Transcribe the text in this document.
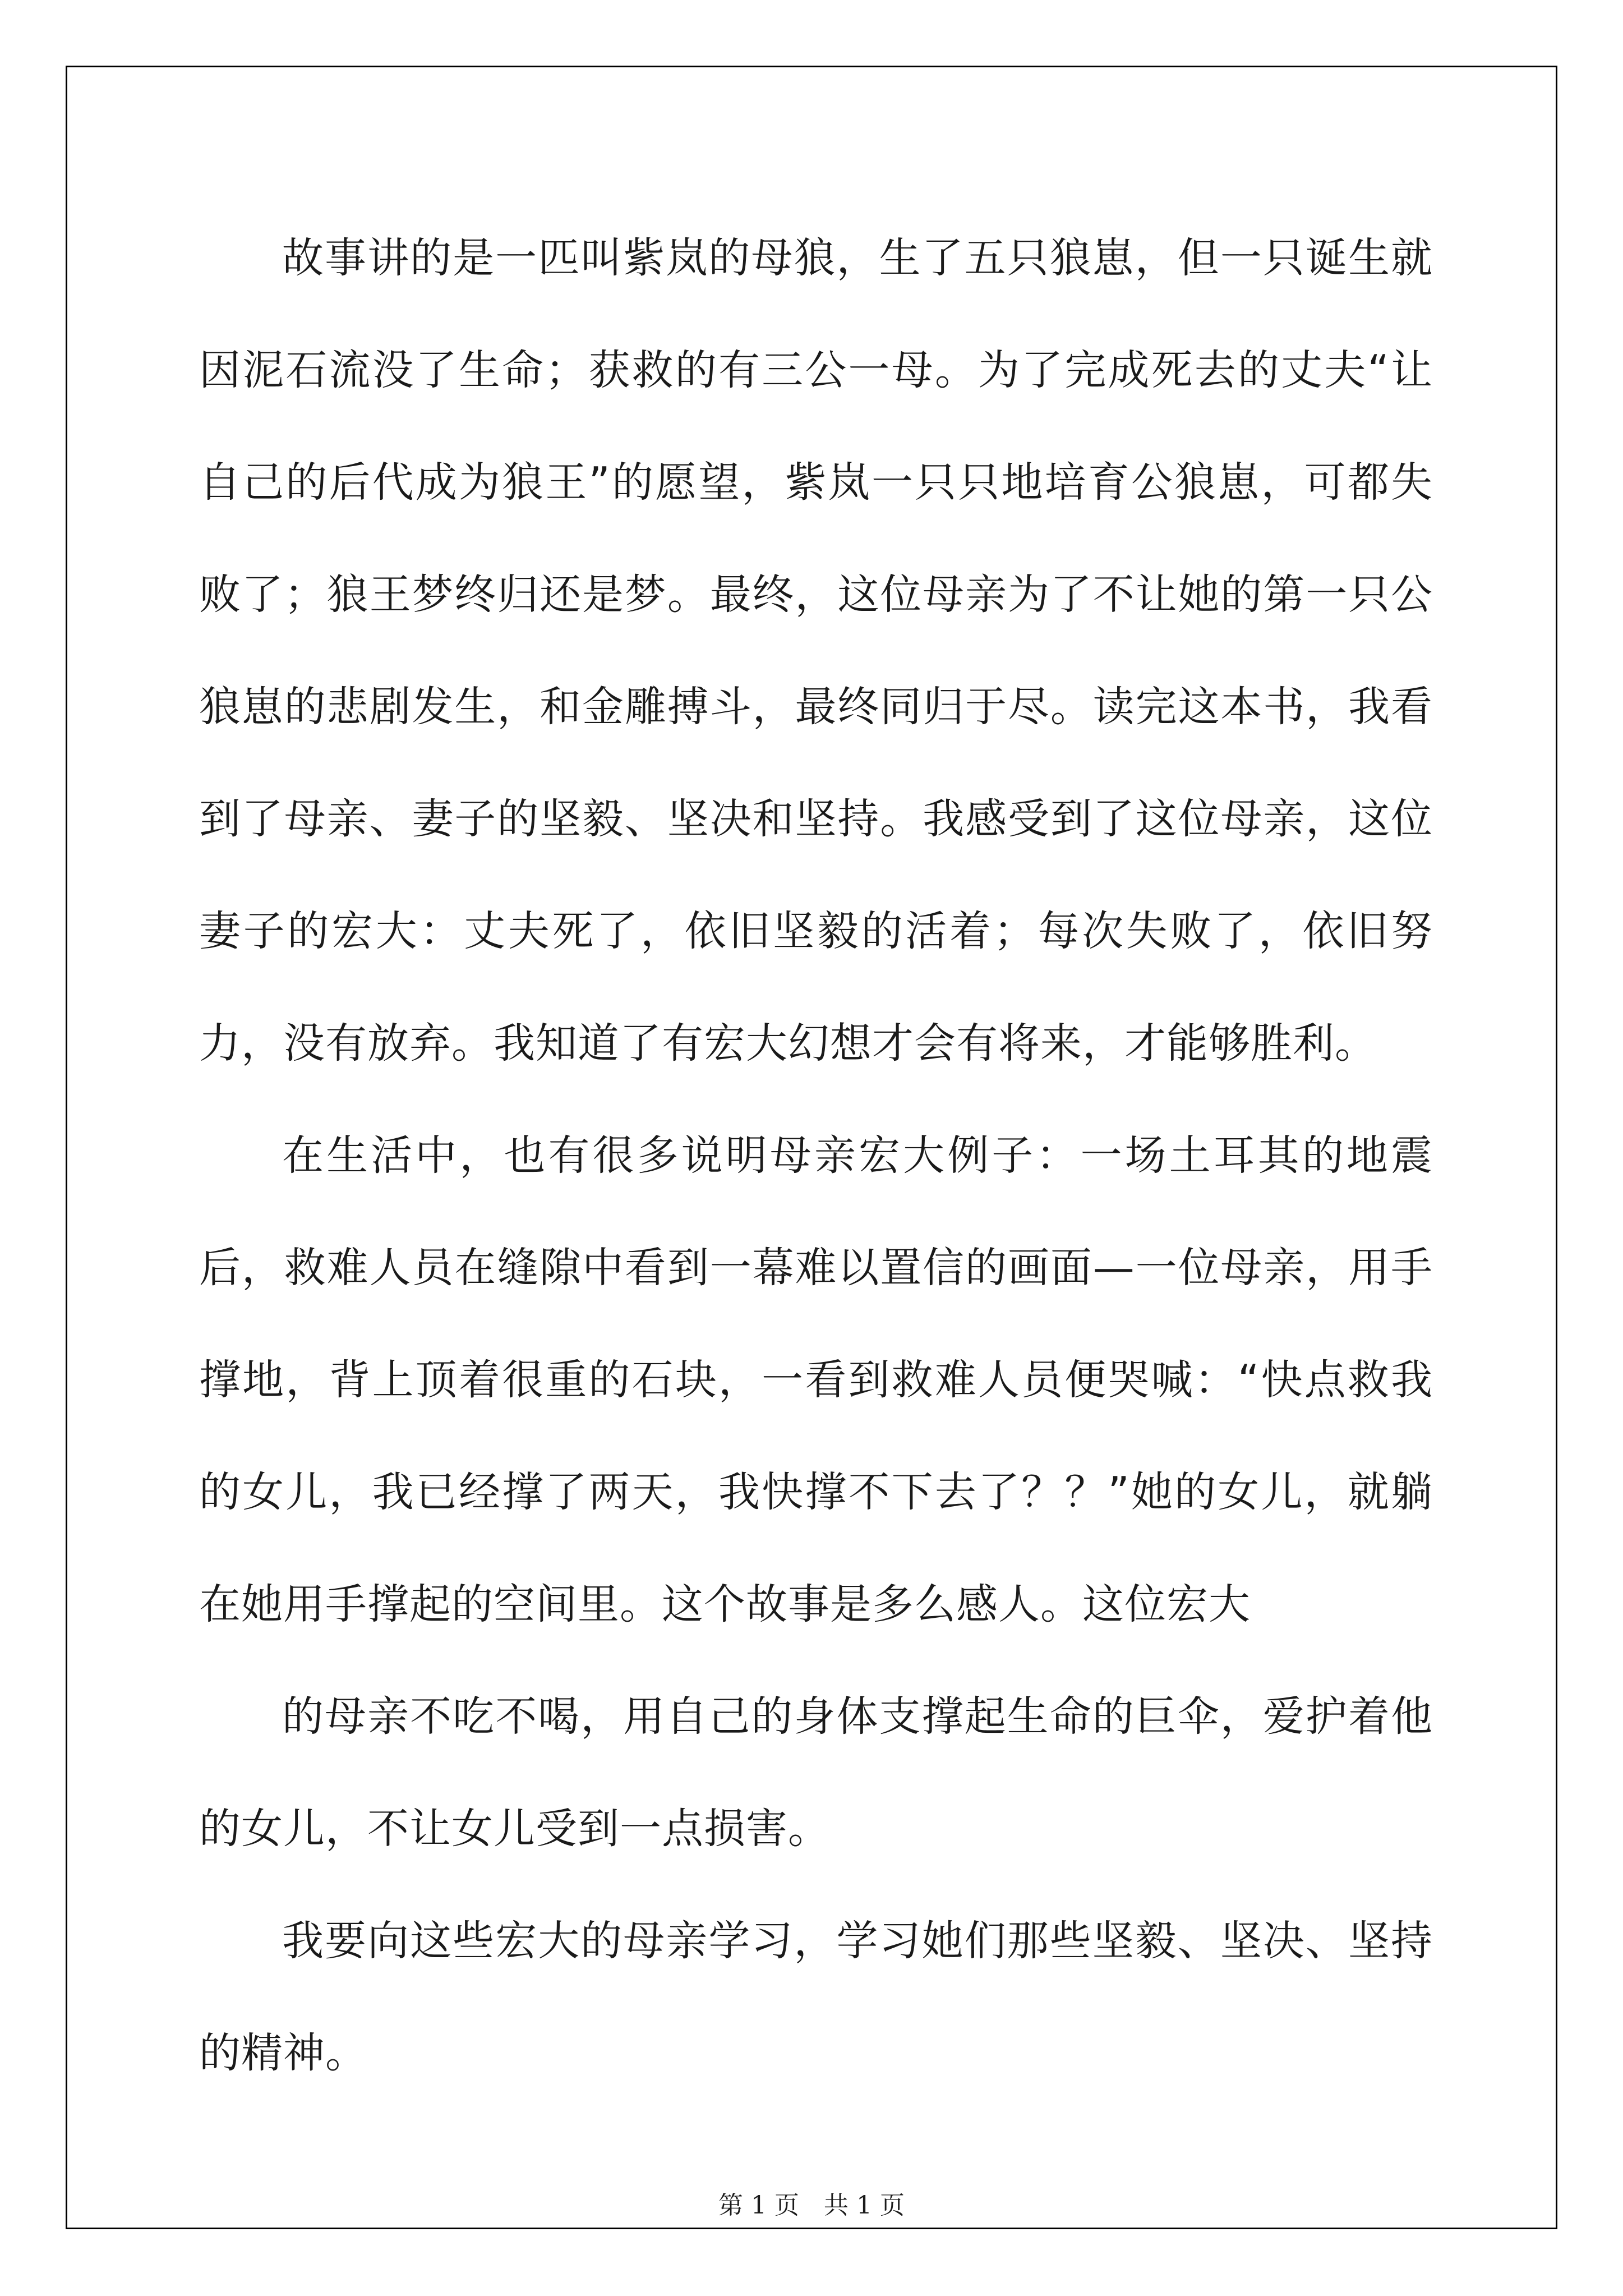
故事讲的是一匹叫紫岚的母狼，生了五只狼崽，但一只诞生就因泥石流没了生命；获救的有三公一母。为了完成死去的丈夫“让自己的后代成为狼王”的愿望，紫岚一只只地培育公狼崽，可都失败了；狼王梦终归还是梦。最终，这位母亲为了不让她的第一只公狼崽的悲剧发生，和金雕搏斗，最终同归于尽。读完这本书，我看到了母亲、妻子的坚毅、坚决和坚持。我感受到了这位母亲，这位妻子的宏大：丈夫死了，依旧坚毅的活着；每次失败了，依旧努力，没有放弃。我知道了有宏大幻想才会有将来，才能够胜利。

在生活中，也有很多说明母亲宏大例子：一场土耳其的地震后，救难人员在缝隙中看到一幕难以置信的画面—一位母亲，用手撑地，背上顶着很重的石块，一看到救难人员便哭喊：“快点救我的女儿，我已经撑了两天，我快撑不下去了？？”她的女儿，就躺在她用手撑起的空间里。这个故事是多么感人。这位宏大

的母亲不吃不喝，用自己的身体支撑起生命的巨伞，爱护着他的女儿，不让女儿受到一点损害。

我要向这些宏大的母亲学习，学习她们那些坚毅、坚决、坚持的精神。

第 1 页　共 1 页
